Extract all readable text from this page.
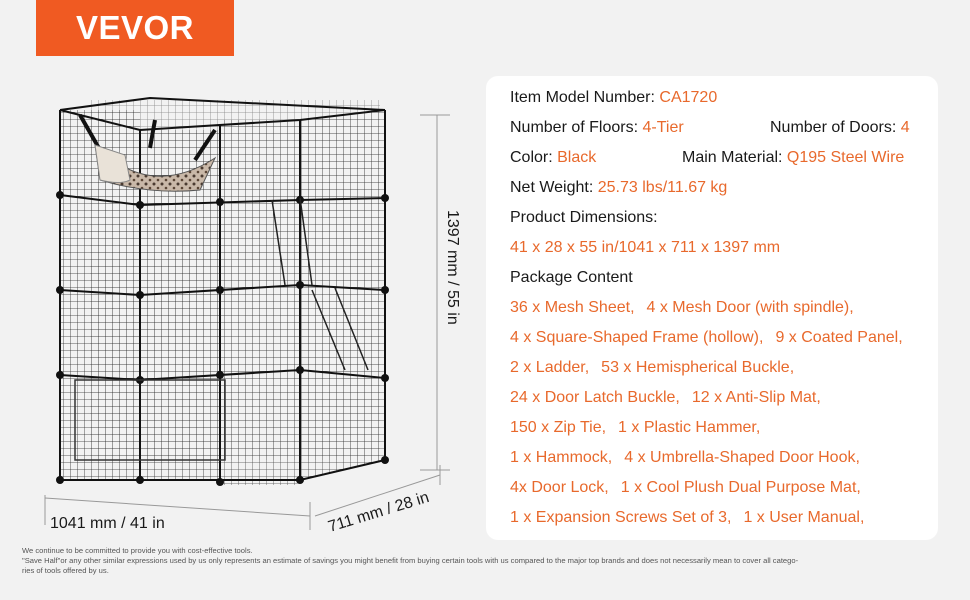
VEVOR
1041 mm / 41 in	711 mm / 28 in
1397 mm / 55 in
Item Model Number: CA1720
Number of Floors: 4-Tier	Number of Doors: 4
Color: Black	Main Material: Q195 Steel Wire
Net Weight: 25.73 lbs/11.67 kg
Product Dimensions:
41 x 28 x 55 in/1041 x 711 x 1397 mm
Package Content
36 x Mesh Sheet, 4 x Mesh Door (with spindle),
4 x Square-Shaped Frame (hollow), 9 x Coated Panel,
2 x Ladder, 53 x Hemispherical Buckle,
24 x Door Latch Buckle, 12 x Anti-Slip Mat,
150 x Zip Tie, 1 x Plastic Hammer,
1 x Hammock, 4 x Umbrella-Shaped Door Hook,
4x Door Lock, 1 x Cool Plush Dual Purpose Mat,
1 x Expansion Screws Set of 3, 1 x User Manual,
We continue to be committed to provide you with cost-effective tools.
"Save Half"or any other similar expressions used by us only represents an estimate of savings you might benefit from buying certain tools with us compared to the major top brands and does not necessarily mean to cover all catego-
ries of tools offered by us.
